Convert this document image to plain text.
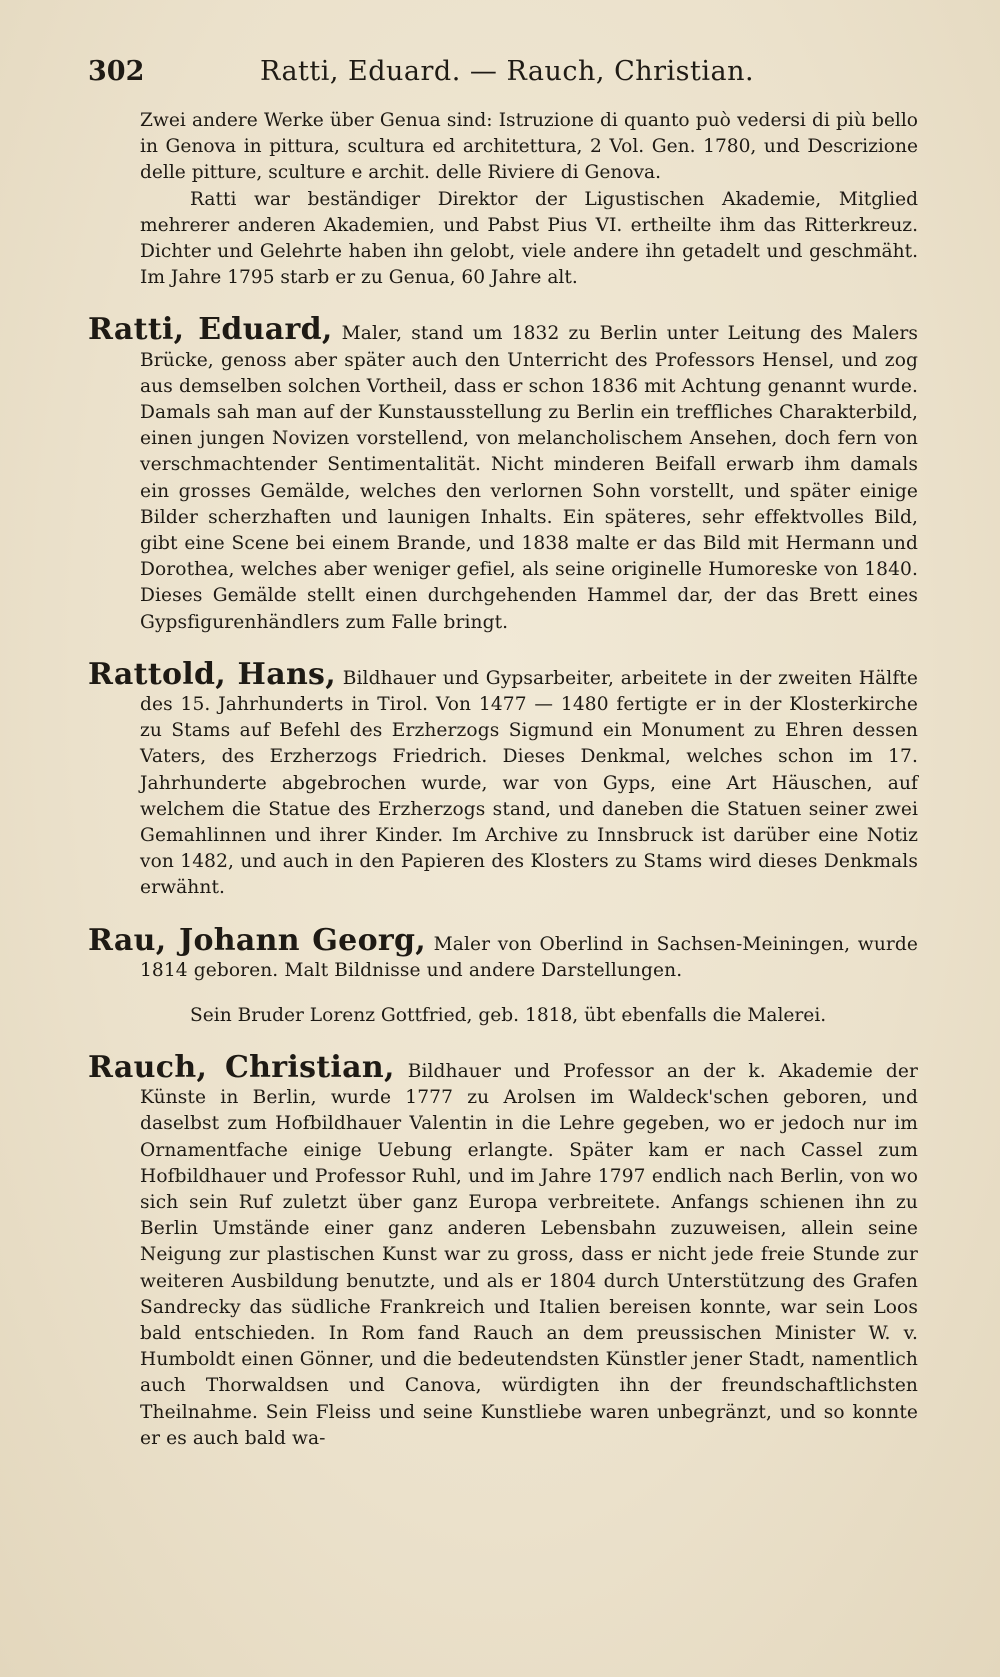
302	Ratti, Eduard. — Rauch, Christian.

Zwei andere Werke über Genua sind: Istruzione di quanto può vedersi di più bello in Genova in pittura, scultura ed architettura, 2 Vol. Gen. 1780, und Descrizione delle pitture, sculture e archit. delle Riviere di Genova.

Ratti war beständiger Direktor der Ligustischen Akademie, Mitglied mehrerer anderen Akademien, und Pabst Pius VI. ertheilte ihm das Ritterkreuz. Dichter und Gelehrte haben ihn gelobt, viele andere ihn getadelt und geschmäht. Im Jahre 1795 starb er zu Genua, 60 Jahre alt.

Ratti, Eduard, Maler, stand um 1832 zu Berlin unter Leitung des Malers Brücke, genoss aber später auch den Unterricht des Professors Hensel, und zog aus demselben solchen Vortheil, dass er schon 1836 mit Achtung genannt wurde. Damals sah man auf der Kunstausstellung zu Berlin ein treffliches Charakterbild, einen jungen Novizen vorstellend, von melancholischem Ansehen, doch fern von verschmachtender Sentimentalität. Nicht minderen Beifall erwarb ihm damals ein grosses Gemälde, welches den verlornen Sohn vorstellt, und später einige Bilder scherzhaften und launigen Inhalts. Ein späteres, sehr effektvolles Bild, gibt eine Scene bei einem Brande, und 1838 malte er das Bild mit Hermann und Dorothea, welches aber weniger gefiel, als seine originelle Humoreske von 1840. Dieses Gemälde stellt einen durchgehenden Hammel dar, der das Brett eines Gypsfigurenhändlers zum Falle bringt.

Rattold, Hans, Bildhauer und Gypsarbeiter, arbeitete in der zweiten Hälfte des 15. Jahrhunderts in Tirol. Von 1477 — 1480 fertigte er in der Klosterkirche zu Stams auf Befehl des Erzherzogs Sigmund ein Monument zu Ehren dessen Vaters, des Erzherzogs Friedrich. Dieses Denkmal, welches schon im 17. Jahrhunderte abgebrochen wurde, war von Gyps, eine Art Häuschen, auf welchem die Statue des Erzherzogs stand, und daneben die Statuen seiner zwei Gemahlinnen und ihrer Kinder. Im Archive zu Innsbruck ist darüber eine Notiz von 1482, und auch in den Papieren des Klosters zu Stams wird dieses Denkmals erwähnt.

Rau, Johann Georg, Maler von Oberlind in Sachsen-Meiningen, wurde 1814 geboren. Malt Bildnisse und andere Darstellungen.

Sein Bruder Lorenz Gottfried, geb. 1818, übt ebenfalls die Malerei.

Rauch, Christian, Bildhauer und Professor an der k. Akademie der Künste in Berlin, wurde 1777 zu Arolsen im Waldeck'schen geboren, und daselbst zum Hofbildhauer Valentin in die Lehre gegeben, wo er jedoch nur im Ornamentfache einige Uebung erlangte. Später kam er nach Cassel zum Hofbildhauer und Professor Ruhl, und im Jahre 1797 endlich nach Berlin, von wo sich sein Ruf zuletzt über ganz Europa verbreitete. Anfangs schienen ihn zu Berlin Umstände einer ganz anderen Lebensbahn zuzuweisen, allein seine Neigung zur plastischen Kunst war zu gross, dass er nicht jede freie Stunde zur weiteren Ausbildung benutzte, und als er 1804 durch Unterstützung des Grafen Sandrecky das südliche Frankreich und Italien bereisen konnte, war sein Loos bald entschieden. In Rom fand Rauch an dem preussischen Minister W. v. Humboldt einen Gönner, und die bedeutendsten Künstler jener Stadt, namentlich auch Thorwaldsen und Canova, würdigten ihn der freundschaftlichsten Theilnahme. Sein Fleiss und seine Kunstliebe waren unbegränzt, und so konnte er es auch bald wa-
